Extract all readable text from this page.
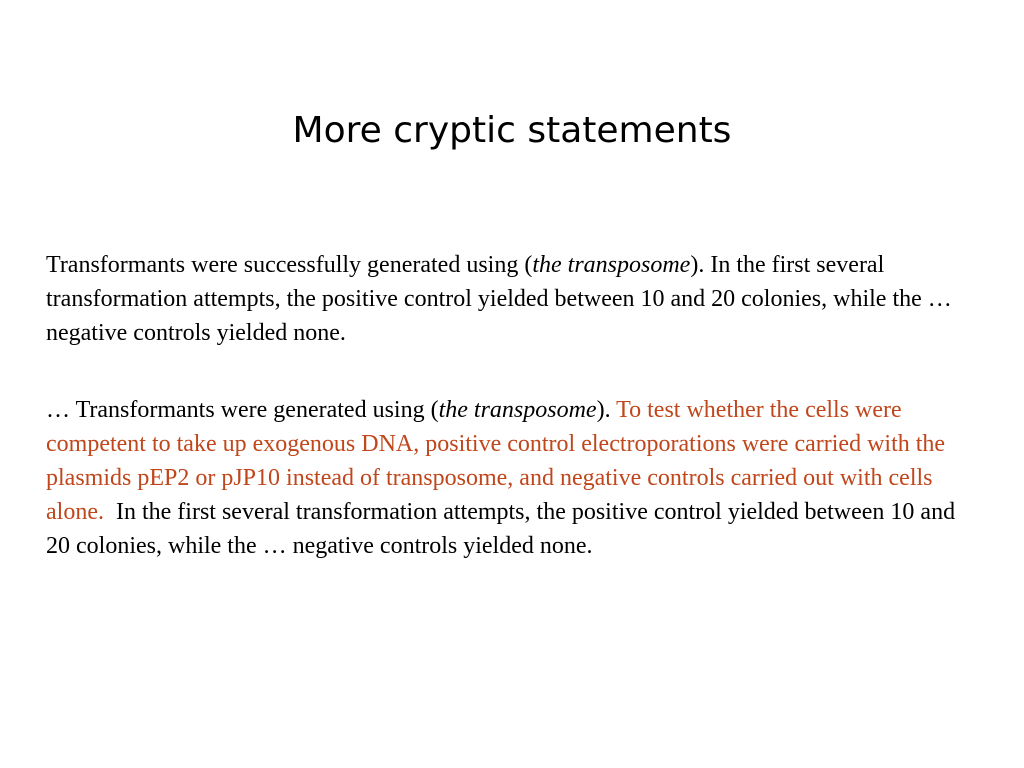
More cryptic statements

Transformants were successfully generated using (the transposome). In the first several transformation attempts, the positive control yielded between 10 and 20 colonies, while the … negative controls yielded none.

… Transformants were generated using (the transposome). To test whether the cells were competent to take up exogenous DNA, positive control electroporations were carried with the plasmids pEP2 or pJP10 instead of transposome, and negative controls carried out with cells alone.  In the first several transformation attempts, the positive control yielded between 10 and 20 colonies, while the … negative controls yielded none.
